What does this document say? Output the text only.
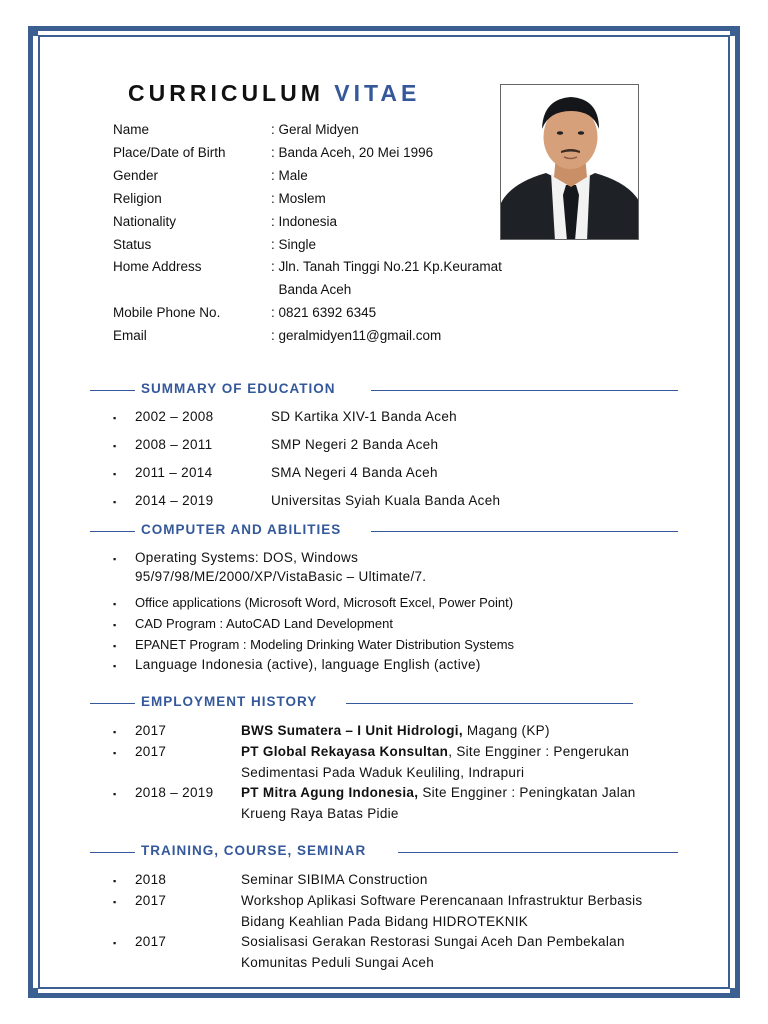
CURRICULUM VITAE
Name	: Geral Midyen
Place/Date of Birth	: Banda Aceh, 20 Mei 1996
Gender	: Male
Religion	: Moslem
Nationality	: Indonesia
Status	: Single
Home Address	: Jln. Tanah Tinggi No.21 Kp.Keuramat
Banda Aceh
Mobile Phone No.	: 0821 6392 6345
Email	: geralmidyen11@gmail.com
SUMMARY OF EDUCATION
▪ 2002 – 2008	SD Kartika XIV-1 Banda Aceh
▪ 2008 – 2011	SMP Negeri 2 Banda Aceh
▪ 2011 – 2014	SMA Negeri 4 Banda Aceh
▪ 2014 – 2019	Universitas Syiah Kuala Banda Aceh
COMPUTER AND ABILITIES
▪ Operating Systems: DOS, Windows
95/97/98/ME/2000/XP/VistaBasic – Ultimate/7.
▪ Office applications (Microsoft Word, Microsoft Excel, Power Point)
▪ CAD Program : AutoCAD Land Development
▪ EPANET Program : Modeling Drinking Water Distribution Systems
▪ Language Indonesia (active), language English (active)
EMPLOYMENT HISTORY
▪ 2017	BWS Sumatera – I Unit Hidrologi, Magang (KP)
▪ 2017	PT Global Rekayasa Konsultan, Site Engginer : Pengerukan
Sedimentasi Pada Waduk Keuliling, Indrapuri
▪ 2018 – 2019 PT Mitra Agung Indonesia, Site Engginer : Peningkatan Jalan
Krueng Raya Batas Pidie
TRAINING, COURSE, SEMINAR
▪ 2018	Seminar SIBIMA Construction
▪ 2017	Workshop Aplikasi Software Perencanaan Infrastruktur Berbasis
Bidang Keahlian Pada Bidang HIDROTEKNIK
▪ 2017	Sosialisasi Gerakan Restorasi Sungai Aceh Dan Pembekalan
Komunitas Peduli Sungai Aceh
